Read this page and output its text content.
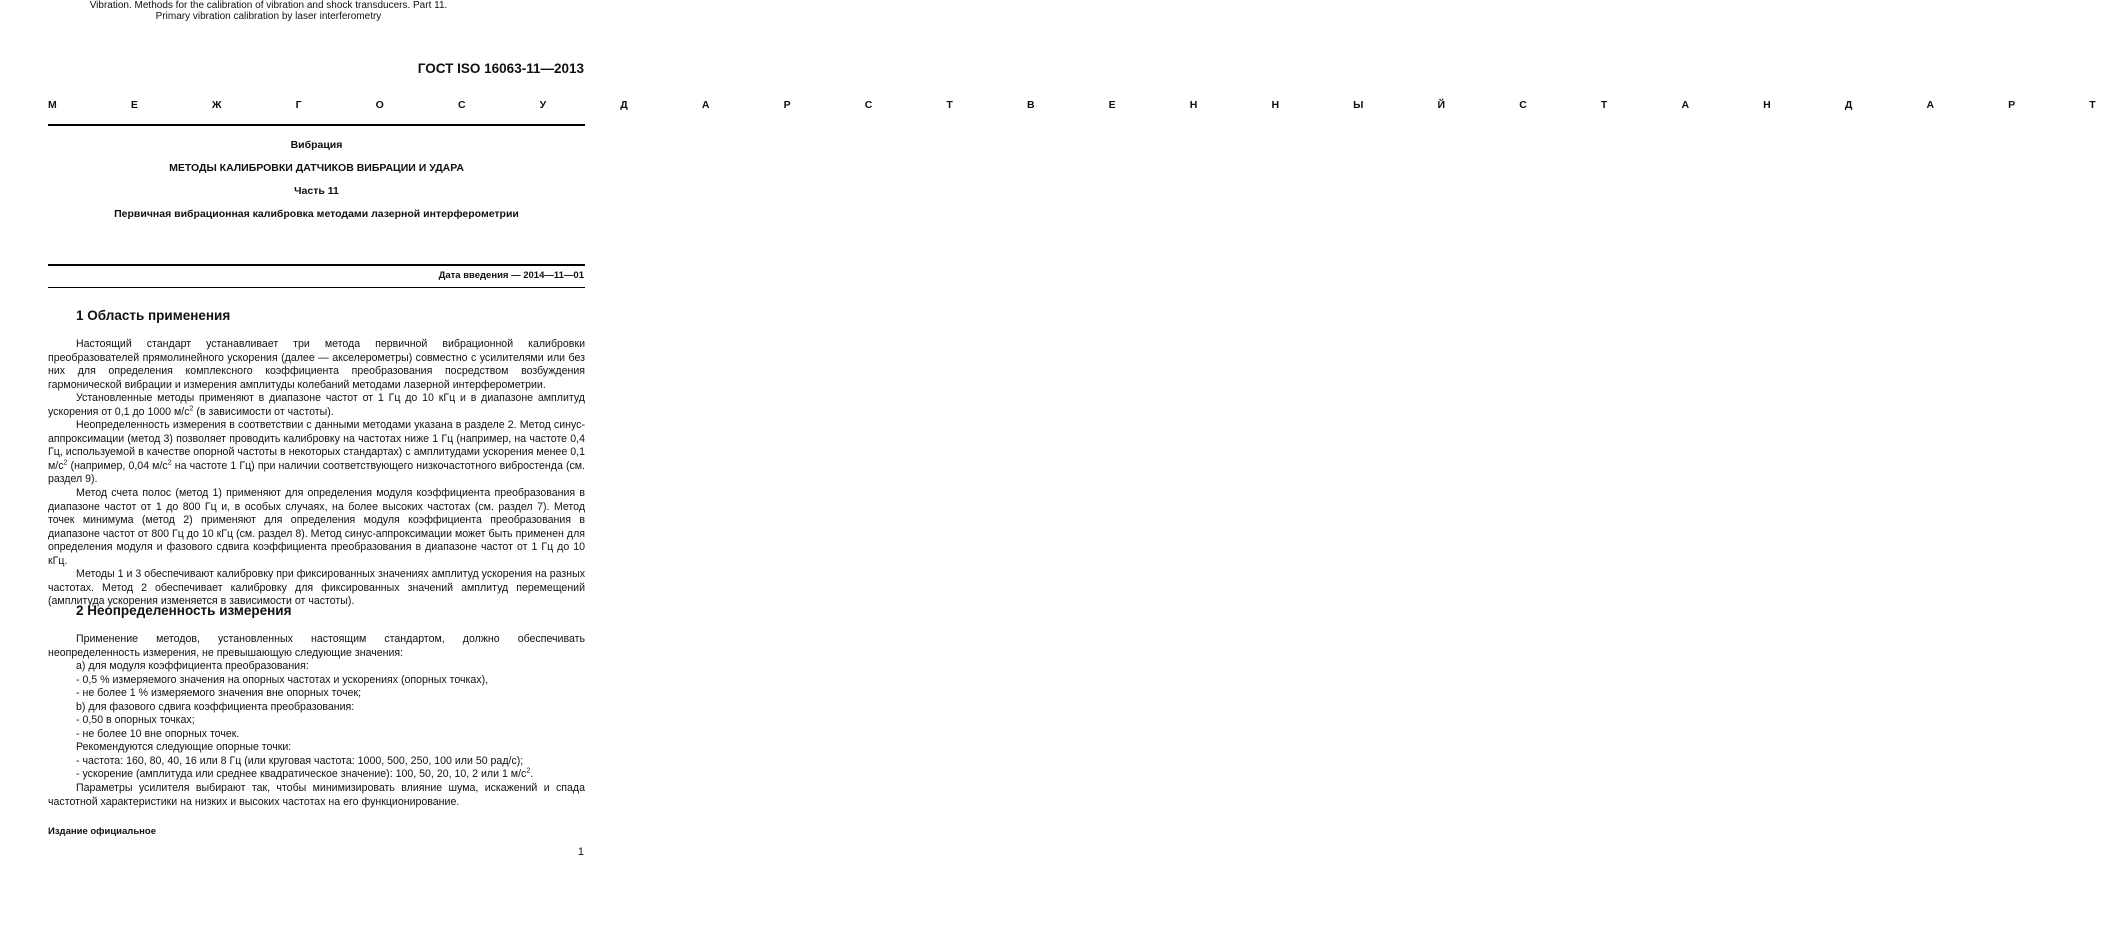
ГОСТ ISO 16063-11—2013
М Е Ж Г О С У Д А Р С Т В Е Н Н Ы Й С Т А Н Д А Р Т
Вибрация
МЕТОДЫ КАЛИБРОВКИ ДАТЧИКОВ ВИБРАЦИИ И УДАРА
Часть 11
Первичная вибрационная калибровка методами лазерной интерферометрии
Vibration. Methods for the calibration of vibration and shock transducers. Part 11.
Primary vibration calibration by laser interferometry
Дата введения — 2014—11—01
1 Область применения

Настоящий стандарт устанавливает три метода первичной вибрационной калибровки преобразователей прямолинейного ускорения (далее — акселерометры) совместно с усилителями или без них для определения комплексного коэффициента преобразования посредством возбуждения гармонической вибрации и измерения амплитуды колебаний методами лазерной интерферометрии.

Установленные методы применяют в диапазоне частот от 1 Гц до 10 кГц и в диапазоне амплитуд ускорения от 0,1 до 1000 $м/с^2$ (в зависимости от частоты).

Неопределенность измерения в соответствии с данными методами указана в разделе 2. Метод синус-аппроксимации (метод 3) позволяет проводить калибровку на частотах ниже 1 Гц (например, на частоте 0,4 Гц, используемой в качестве опорной частоты в некоторых стандартах) с амплитудами ускорения менее 0,1 $м/с^2$ (например, 0,04 $м/с^2$ на частоте 1 Гц) при наличии соответствующего низкочастотного вибростенда (см. раздел 9).

Метод счета полос (метод 1) применяют для определения модуля коэффициента преобразования в диапазоне частот от 1 до 800 Гц и, в особых случаях, на более высоких частотах (см. раздел 7). Метод точек минимума (метод 2) применяют для определения модуля коэффициента преобразования в диапазоне частот от 800 Гц до 10 кГц (см. раздел 8). Метод синус-аппроксимации может быть применен для определения модуля и фазового сдвига коэффициента преобразования в диапазоне частот от 1 Гц до 10 кГц.

Методы 1 и 3 обеспечивают калибровку при фиксированных значениях амплитуд ускорения на разных частотах. Метод 2 обеспечивает калибровку для фиксированных значений амплитуд перемещений (амплитуда ускорения изменяется в зависимости от частоты).

2 Неопределенность измерения

Применение методов, установленных настоящим стандартом, должно обеспечивать неопределенность измерения, не превышающую следующие значения:

а) для модуля коэффициента преобразования:

- 0,5 % измеряемого значения на опорных частотах и ускорениях (опорных точках),

- не более 1 % измеряемого значения вне опорных точек;

b) для фазового сдвига коэффициента преобразования:

- 0,50 в опорных точках;

- не более 10 вне опорных точек.

Рекомендуются следующие опорные точки:

- частота: 160, 80, 40, 16 или 8 Гц (или круговая частота: 1000, 500, 250, 100 или 50 рад/с);

- ускорение (амплитуда или среднее квадратическое значение): 100, 50, 20, 10, 2 или 1 $м/с^2$.

Параметры усилителя выбирают так, чтобы минимизировать влияние шума, искажений и спада частотной характеристики на низких и высоких частотах на его функционирование.

Издание официальное
1
